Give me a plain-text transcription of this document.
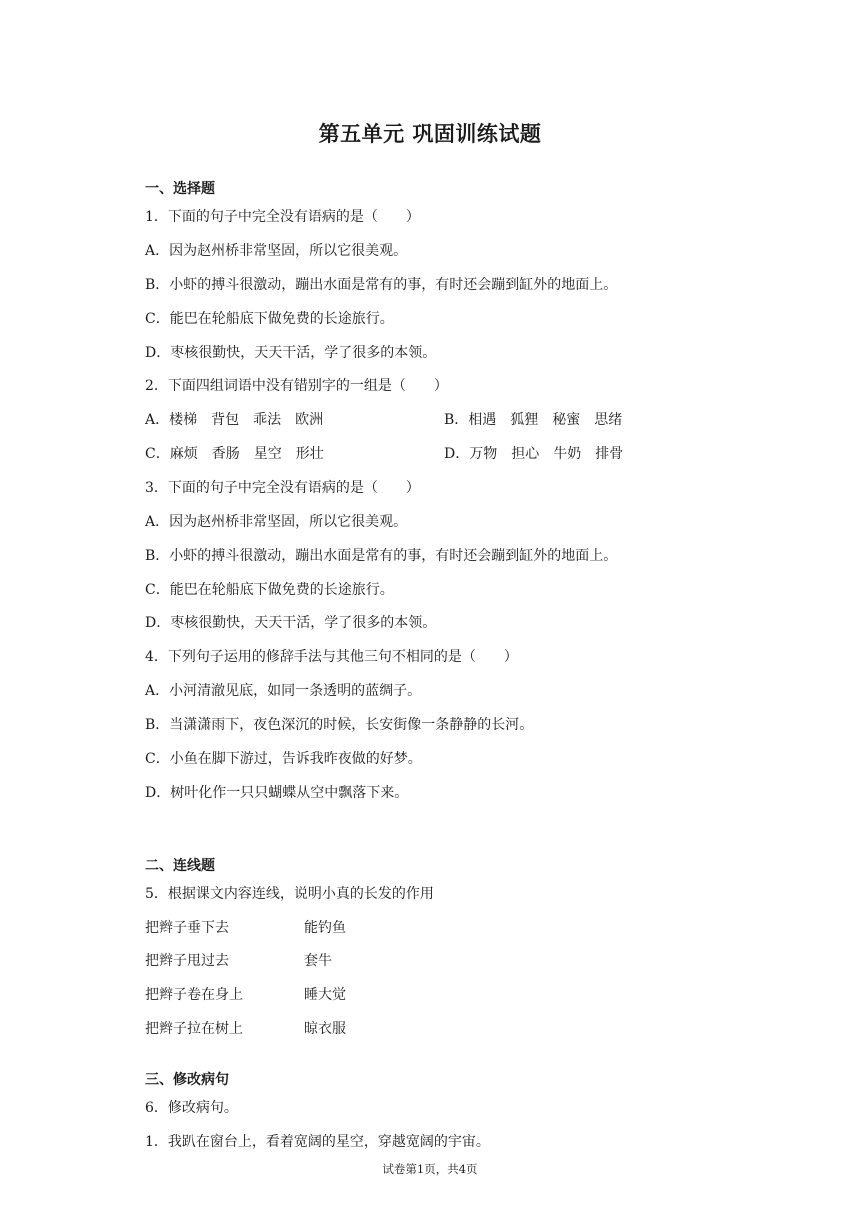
第五单元 巩固训练试题
一、选择题
1．下面的句子中完全没有语病的是（　　）
A．因为赵州桥非常坚固，所以它很美观。
B．小虾的搏斗很激动，蹦出水面是常有的事，有时还会蹦到缸外的地面上。
C．能巴在轮船底下做免费的长途旅行。
D．枣核很勤快，天天干活，学了很多的本领。
2．下面四组词语中没有错别字的一组是（　　）
A．楼梯　背包　乖法　欧洲	B．相遇　狐狸　秘蜜　思绪
C．麻烦　香肠　星空　形壮	D．万物　担心　牛奶　排骨
3．下面的句子中完全没有语病的是（　　）
A．因为赵州桥非常坚固，所以它很美观。
B．小虾的搏斗很激动，蹦出水面是常有的事，有时还会蹦到缸外的地面上。
C．能巴在轮船底下做免费的长途旅行。
D．枣核很勤快，天天干活，学了很多的本领。
4．下列句子运用的修辞手法与其他三句不相同的是（　　）
A．小河清澈见底，如同一条透明的蓝绸子。
B．当潇潇雨下，夜色深沉的时候，长安街像一条静静的长河。
C．小鱼在脚下游过，告诉我昨夜做的好梦。
D．树叶化作一只只蝴蝶从空中飘落下来。
二、连线题
5．根据课文内容连线，说明小真的长发的作用
把辫子垂下去	能钓鱼
把辫子甩过去	套牛
把辫子卷在身上	睡大觉
把辫子拉在树上	晾衣服
三、修改病句
6．修改病句。
1．我趴在窗台上，看着宽阔的星空，穿越宽阔的宇宙。
试卷第1页，共4页
